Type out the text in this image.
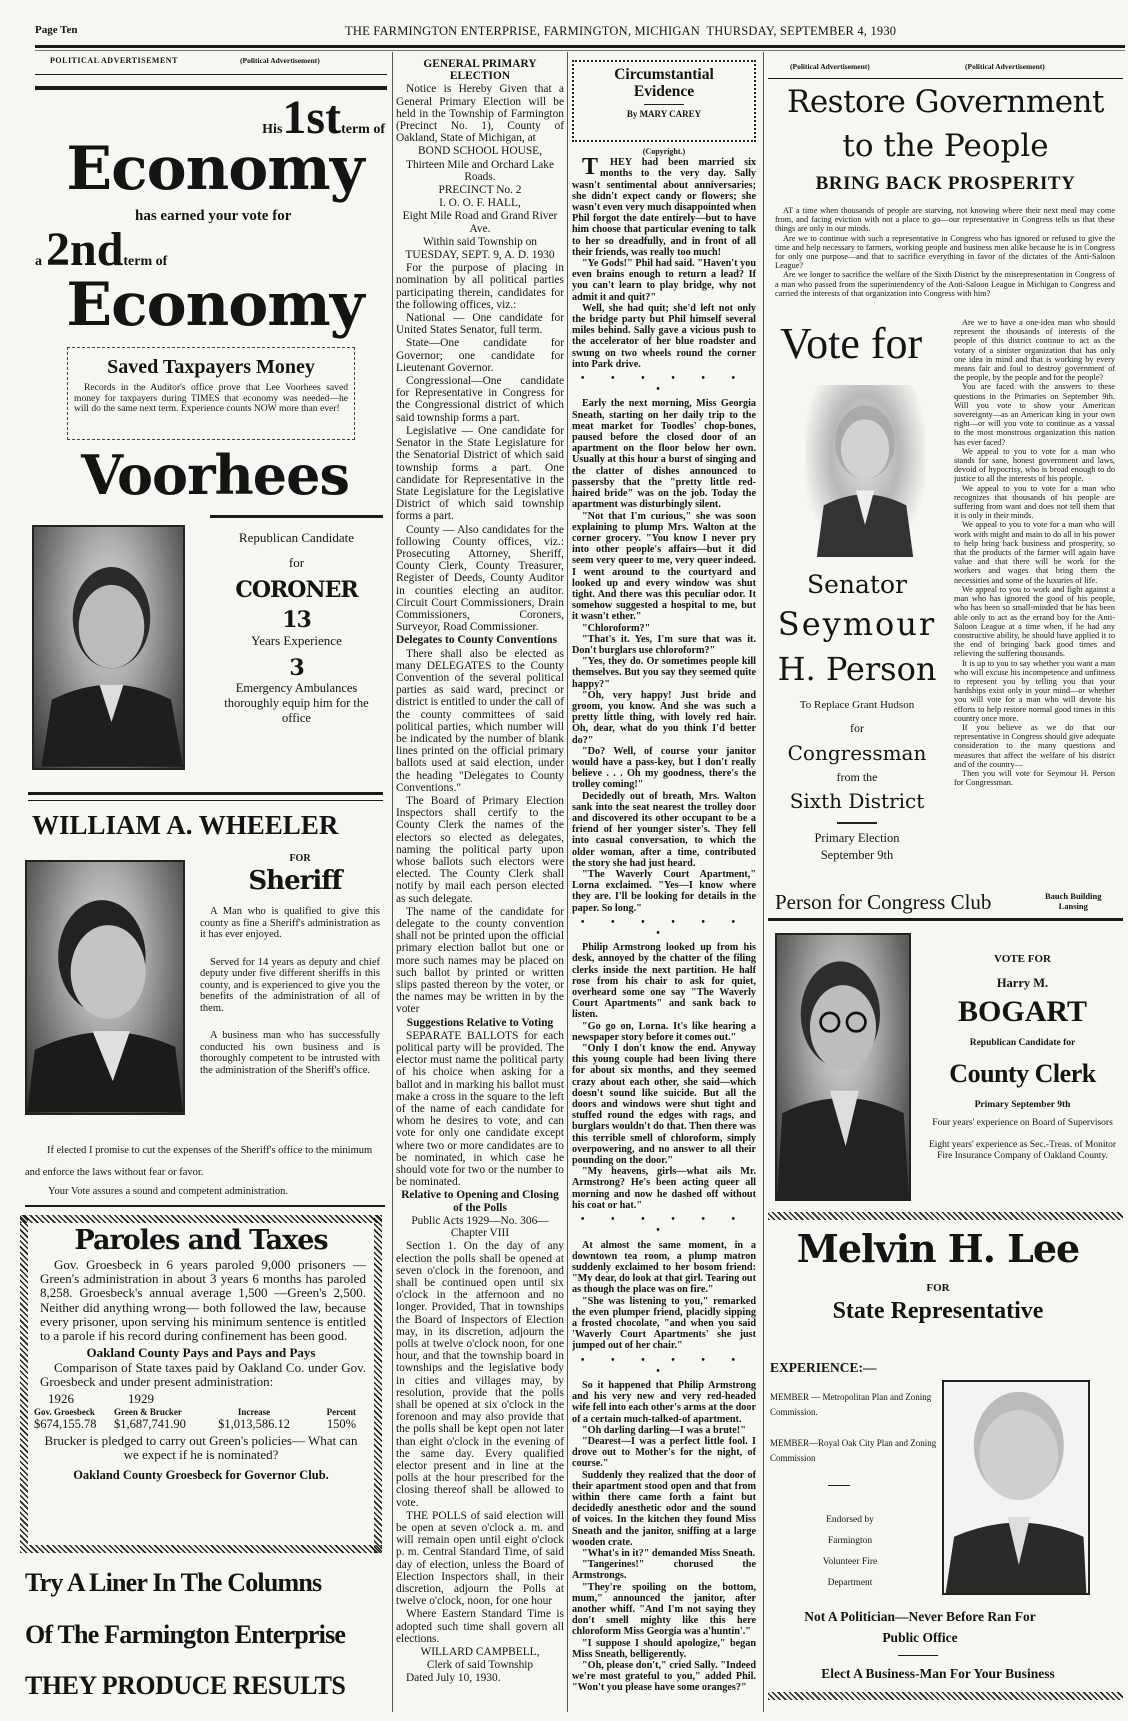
Page Ten	THE FARMINGTON ENTERPRISE, FARMINGTON, MICHIGAN  THURSDAY, SEPTEMBER 4, 1930
POLITICAL ADVERTISEMENT	(Political Advertisement)
His1stterm of
Economy
has earned your vote for
a 2ndterm of
Economy
Saved Taxpayers Money
Records in the Auditor's office prove that Lee Voorhees saved money for taxpayers during TIMES that economy was needed—he will do the same next term. Experience counts NOW more than ever!
Voorhees
Republican Candidate
for
CORONER
13
Years Experience
3
Emergency Ambulances thoroughly equip him for the office
WILLIAM A. WHEELER
FOR
Sheriff

A Man who is qualified to give this county as fine a Sheriff's administration as it has ever enjoyed.

Served for 14 years as deputy and chief deputy under five different sheriffs in this county, and is experienced to give you the benefits of the administration of all of them.

A business man who has successfully conducted his own business and is thoroughly competent to be intrusted with the administration of the Sheriff's office.

If elected I promise to cut the expenses of the Sheriff's office to the minimum and enforce the laws without fear or favor.
Your Vote assures a sound and competent administration.
Paroles and Taxes
Gov. Groesbeck in 6 years paroled 9,000 prisoners —Green's administration in about 3 years 6 months has paroled 8,258. Groesbeck's annual average 1,500 —Green's 2,500. Neither did anything wrong— both followed the law, because every prisoner, upon serving his minimum sentence is entitled to a parole if his record during confinement has been good.
Oakland County Pays and Pays and Pays
Comparison of State taxes paid by Oakland Co. under Gov. Groesbeck and under present administration:
1926	1929
Gov. Groesbeck	Green & Brucker	Increase	Percent
$674,155.78	$1,687,741.90	$1,013,586.12	150%
Brucker is pledged to carry out Green's policies— What can we expect if he is nominated?
Oakland County Groesbeck for Governor Club.
Try A Liner In The Columns
Of The Farmington Enterprise
THEY PRODUCE RESULTS

GENERAL PRIMARY ELECTION

Notice is Hereby Given that a General Primary Election will be held in the Township of Farmington (Precinct No. 1), County of Oakland, State of Michigan, at

BOND SCHOOL HOUSE,

Thirteen Mile and Orchard Lake Roads.

PRECINCT No. 2

I. O. O. F. HALL,

Eight Mile Road and Grand River Ave.

Within said Township on

TUESDAY, SEPT. 9, A. D. 1930

For the purpose of placing in nomination by all political parties participating therein, candidates for the following offices, viz.:

National — One candidate for United States Senator, full term.

State—One candidate for Governor; one candidate for Lieutenant Governor.

Congressional—One candidate for Representative in Congress for the Congressional district of which said township forms a part.

Legislative — One candidate for Senator in the State Legislature for the Senatorial District of which said township forms a part. One candidate for Representative in the State Legislature for the Legislative District of which said township forms a part.

County — Also candidates for the following County offices, viz.: Prosecuting Attorney, Sheriff, County Clerk, County Treasurer, Register of Deeds, County Auditor in counties electing an auditor. Circuit Court Commissioners, Drain Commissioners, Coroners, Surveyor, Road Commissioner.

Delegates to County Conventions

There shall also be elected as many DELEGATES to the County Convention of the several political parties as said ward, precinct or district is entitled to under the call of the county committees of said political parties, which number will be indicated by the number of blank lines printed on the official primary ballots used at said election, under the heading "Delegates to County Conventions."

The Board of Primary Election Inspectors shall certify to the County Clerk the names of the electors so elected as delegates, naming the political party upon whose ballots such electors were elected. The County Clerk shall notify by mail each person elected as such delegate.

The name of the candidate for delegate to the county convention shall not be printed upon the official primary election ballot but one or more such names may be placed on such ballot by printed or written slips pasted thereon by the voter, or the names may be written in by the voter

Suggestions Relative to Voting

SEPARATE BALLOTS for each political party will be provided. The elector must name the political party of his choice when asking for a ballot and in marking his ballot must make a cross in the square to the left of the name of each candidate for whom he desires to vote, and can vote for only one candidate except where two or more candidates are to be nominated, in which case he should vote for two or the number to be nominated.

Relative to Opening and Closing of the Polls

Public Acts 1929—No. 306— Chapter VIII

Section 1. On the day of any election the polls shall be opened at seven o'clock in the forenoon, and shall be continued open until six o'clock in the atfernoon and no longer. Provided, That in townships the Board of Inspectors of Election may, in its discretion, adjourn the polls at twelve o'clock noon, for one hour, and that the township board in townships and the legislative body in cities and villages may, by resolution, provide that the polls shall be opened at six o'clock in the forenoon and may also provide that the polls shall be kept open not later than eight o'clock in the evening of the same day. Every qualified elector present and in line at the polls at the hour prescribed for the closing thereof shall be allowed to vote.

THE POLLS of said election will be open at seven o'clock a. m. and will remain open until eight o'clock p. m. Central Standard Time, of said day of election, unless the Board of Election Inspectors shall, in their discretion, adjourn the Polls at twelve o'clock, noon, for one hour

Where Eastern Standard Time is adopted such time shall govern all elections.

WILLARD CAMPBELL,

Clerk of said Township

Dated July 10, 1930.

Circumstantial Evidence
By MARY CAREY

(Copyright.)

THEY had been married six months to the very day. Sally wasn't sentimental about anniversaries; she didn't expect candy or flowers; she wasn't even very much disappointed when Phil forgot the date entirely—but to have him choose that particular evening to talk to her so dreadfully, and in front of all their friends, was really too much!

"Ye Gods!" Phil had said. "Haven't you even brains enough to return a lead? If you can't learn to play bridge, why not admit it and quit?"

Well, she had quit; she'd left not only the bridge party but Phil himself several miles behind. Sally gave a vicious push to the accelerator of her blue roadster and swung on two wheels round the corner into Park drive.

• • • • • • •

Early the next morning, Miss Georgia Sneath, starting on her daily trip to the meat market for Toodles' chop-bones, paused before the closed door of an apartment on the floor below her own. Usually at this hour a burst of singing and the clatter of dishes announced to passersby that the "pretty little red-haired bride" was on the job. Today the apartment was disturbingly silent.

"Not that I'm curious," she was soon explaining to plump Mrs. Walton at the corner grocery. "You know I never pry into other people's affairs—but it did seem very queer to me, very queer indeed. I went around to the courtyard and looked up and every window was shut tight. And there was this peculiar odor. It somehow suggested a hospital to me, but it wasn't ether."

"Chloroform?"

"That's it. Yes, I'm sure that was it. Don't burglars use chloroform?"

"Yes, they do. Or sometimes people kill themselves. But you say they seemed quite happy?"

"Oh, very happy! Just bride and groom, you know. And she was such a pretty little thing, with lovely red hair. Oh, dear, what do you think I'd better do?"

"Do? Well, of course your janitor would have a pass-key, but I don't really believe . . . Oh my goodness, there's the trolley coming!"

Decidedly out of breath, Mrs. Walton sank into the seat nearest the trolley door and discovered its other occupant to be a friend of her younger sister's. They fell into casual conversation, to which the older woman, after a time, contributed the story she had just heard.

"The Waverly Court Apartment," Lorna exclaimed. "Yes—I know where they are. I'll be looking for details in the paper. So long."

• • • • • • •

Philip Armstrong looked up from his desk, annoyed by the chatter of the filing clerks inside the next partition. He half rose from his chair to ask for quiet, overheard some one say "The Waverly Court Apartments" and sank back to listen.

"Go go on, Lorna. It's like hearing a newspaper story before it comes out."

"Only I don't know the end. Anyway this young couple had been living there for about six months, and they seemed crazy about each other, she said—which doesn't sound like suicide. But all the doors and windows were shut tight and stuffed round the edges with rags, and burglars wouldn't do that. Then there was this terrible smell of chloroform, simply overpowering, and no answer to all their pounding on the door."

"My heavens, girls—what ails Mr. Armstrong? He's been acting queer all morning and now he dashed off without his coat or hat."

• • • • • • •

At almost the same moment, in a downtown tea room, a plump matron suddenly exclaimed to her bosom friend: "My dear, do look at that girl. Tearing out as though the place was on fire."

"She was listening to you," remarked the even plumper friend, placidly sipping a frosted chocolate, "and when you said 'Waverly Court Apartments' she just jumped out of her chair."

• • • • • • •

So it happened that Philip Armstrong and his very new and very red-headed wife fell into each other's arms at the door of a certain much-talked-of apartment.

"Oh darling darling—I was a brute!"

"Dearest—I was a perfect little fool. I drove out to Mother's for the night, of course."

Suddenly they realized that the door of their apartment stood open and that from within there came forth a faint but decidedly anesthetic odor and the sound of voices. In the kitchen they found Miss Sneath and the janitor, sniffing at a large wooden crate.

"What's in it?" demanded Miss Sneath.

"Tangerines!" chorused the Armstrongs.

"They're spoiling on the bottom, mum," announced the janitor, after another whiff. "And I'm not saying they don't smell mighty like this here chloroform Miss Georgia was a'huntin'."

"I suppose I should apologize," began Miss Sneath, belligerently.

"Oh, please don't," cried Sally. "Indeed we're most grateful to you," added Phil. "Won't you please have some oranges?"

(Political Advertisement)	(Political Advertisement)
Restore Government
to the People
BRING BACK PROSPERITY

AT a time when thousands of people are starving, not knowing where their next meal may come from, and facing eviction with not a place to go—our representative in Congress tells us that these things are only in our minds.

Are we to continue with such a representative in Congress who has ignored or refused to give the time and help necessary to farmers, working people and business men alike because he is in Congress for only one purpose—and that to sacrifice everything in favor of the dictates of the Anti-Saloon League?

Are we longer to sacrifice the welfare of the Sixth District by the misrepresentation in Congress of a man who passed from the superintendency of the Anti-Saloon League in Michigan to Congress and carried the interests of that organization into Congress with him?

Vote for
Senator
Seymour
H. Person
To Replace Grant Hudson
for
Congressman
from the
Sixth District
Primary Election
September 9th

Are we to have a one-idea man who should represent the thousands of interests of the people of this district continue to act as the votary of a sinister organization that has only one idea in mind and that is working by every means fair and foul to destroy government of the people, by the people and for the people?

You are faced with the answers to these questions in the Primaries on September 9th. Will you vote to show your American sovereignty—as an American king in your own right—or will you vote to continue as a vassal to the most monstrous organization this nation has ever faced?

We appeal to you to vote for a man who stands for sane, honest government and laws, devoid of hypocrisy, who is broad enough to do justice to all the interests of his people.

We appeal to you to vote for a man who recognizes that thousands of his people are suffering from want and does not tell them that it is only in their minds.

We appeal to you to vote for a man who will work with might and main to do all in his power to help bring back business and prosperity, so that the products of the farmer will again have value and that there will be work for the workers and wages that bring them the necessities and some of the luxuries of life.

We appeal to you to work and fight against a man who has ignored the good of his people, who has been so small-minded that he has been able only to act as the errand boy for the Anti-Saloon League at a time when, if he had any constructive ability, he should have applied it to the end of bringing back good times and relieving the suffering thousands.

It is up to you to say whether you want a man who will excuse his incompetence and unfitness to represent you by telling you that your hardships exist only in your mind—or whether you will vote for a man who will devote his efforts to help restore normal good times in this country once more.

If you believe as we do that our representative in Congress should give adequate consideration to the many questions and measures that affect the welfare of his district and of the country—

Then you will vote for Seymour H. Person for Congressman.

Person for Congress Club	Bauch Building
Lansing
VOTE FOR
Harry M.
BOGART
Republican Candidate for
County Clerk
Primary September 9th
Four years' experience on Board of Supervisors
Eight years' experience as Sec.-Treas. of Monitor Fire Insurance Company of Oakland County.
Melvin H. Lee
FOR
State Representative
EXPERIENCE:—
MEMBER — Metropolitan Plan and Zoning Commission.
MEMBER—Royal Oak City Plan and Zoning Commission
Endorsed by
Farmington
Volunteer Fire
Department
Not A Politician—Never Before Ran For Public Office
Elect A Business-Man For Your Business
